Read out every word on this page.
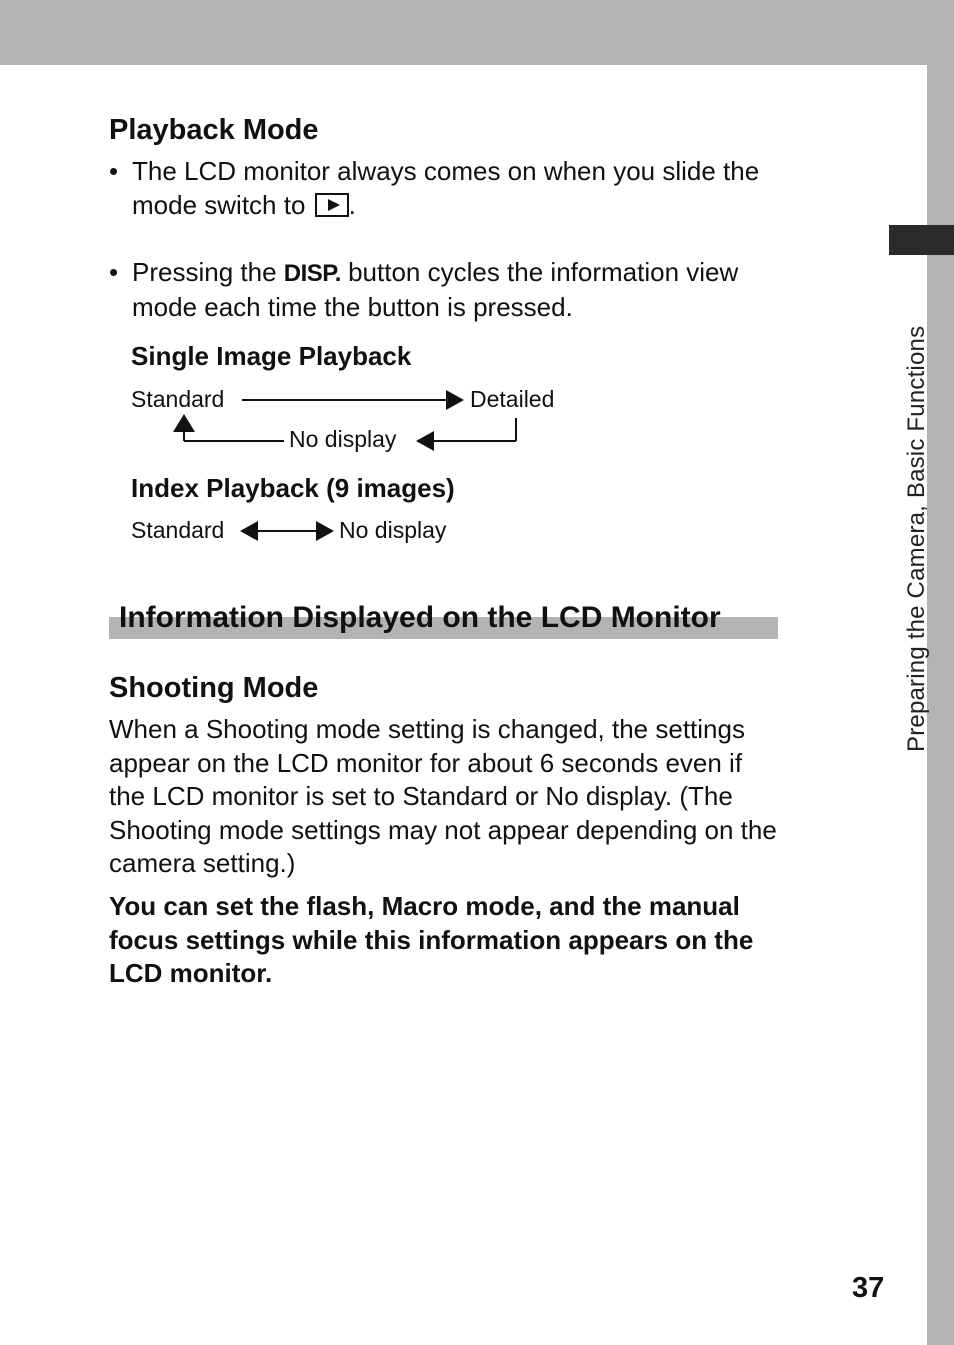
Preparing the Camera, Basic Functions
37
Playback Mode
• The LCD monitor always comes on when you slide the
mode switch to .
• Pressing the DISP. button cycles the information view
mode each time the button is pressed.
Single Image Playback
Standard	Detailed
No display
Index Playback (9 images)
Standard	No display
Information Displayed on the LCD Monitor
Shooting Mode
When a Shooting mode setting is changed, the settings
appear on the LCD monitor for about 6 seconds even if
the LCD monitor is set to Standard or No display. (The
Shooting mode settings may not appear depending on the
camera setting.)
You can set the flash, Macro mode, and the manual
focus settings while this information appears on the
LCD monitor.
